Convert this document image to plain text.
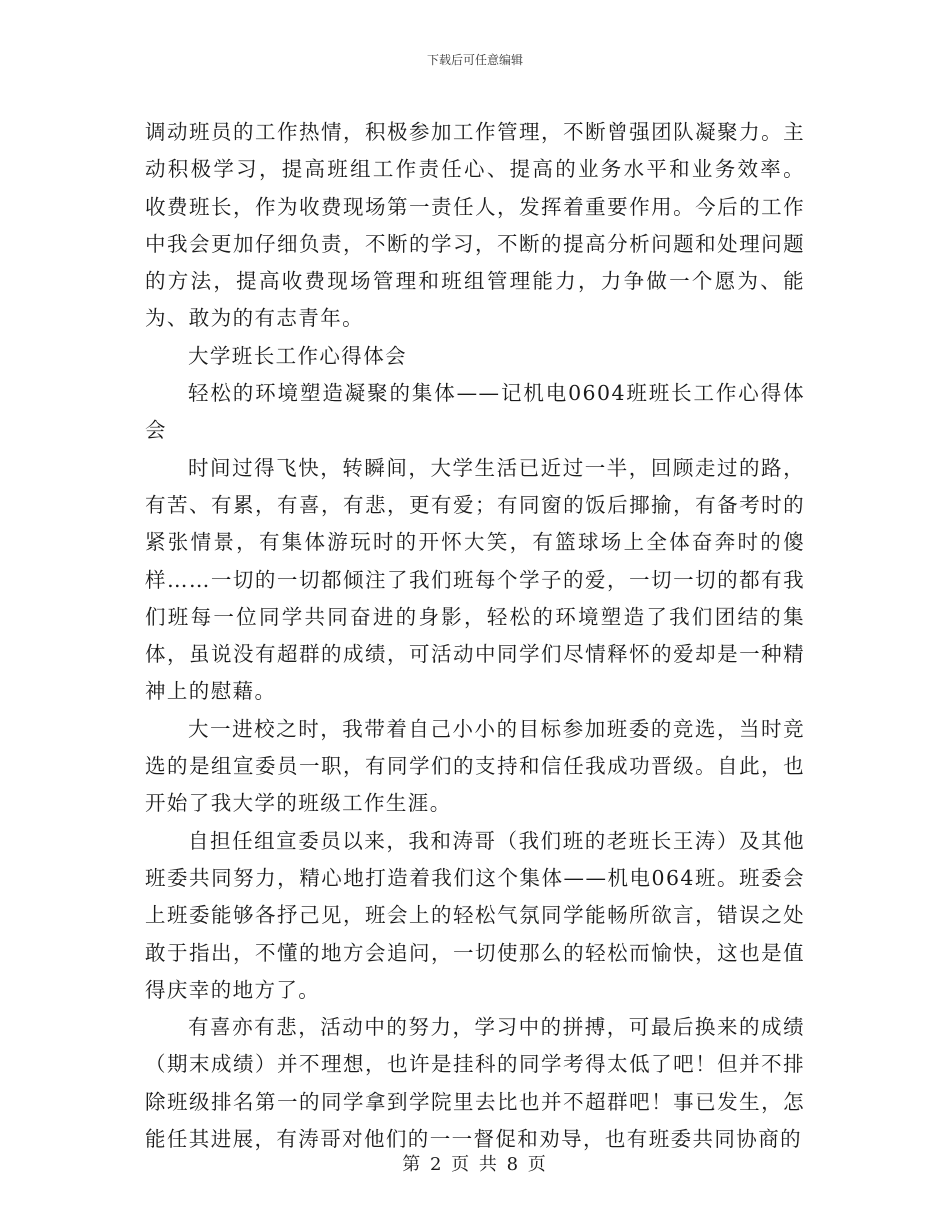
下载后可任意编辑

调动班员的工作热情，积极参加工作管理，不断曾强团队凝聚力。主动积极学习，提高班组工作责任心、提高的业务水平和业务效率。 收费班长，作为收费现场第一责任人，发挥着重要作用。今后的工作中我会更加仔细负责，不断的学习，不断的提高分析问题和处理问题的方法，提高收费现场管理和班组管理能力，力争做一个愿为、能为、敢为的有志青年。

大学班长工作心得体会

轻松的环境塑造凝聚的集体——记机电0604班班长工作心得体会

时间过得飞快，转瞬间，大学生活已近过一半，回顾走过的路，有苦、有累，有喜，有悲，更有爱；有同窗的饭后揶揄，有备考时的紧张情景，有集体游玩时的开怀大笑，有篮球场上全体奋奔时的傻样……一切的一切都倾注了我们班每个学子的爱，一切一切的都有我们班每一位同学共同奋进的身影，轻松的环境塑造了我们团结的集体，虽说没有超群的成绩，可活动中同学们尽情释怀的爱却是一种精神上的慰藉。

大一进校之时，我带着自己小小的目标参加班委的竞选，当时竞选的是组宣委员一职，有同学们的支持和信任我成功晋级。自此，也开始了我大学的班级工作生涯。

自担任组宣委员以来，我和涛哥（我们班的老班长王涛）及其他班委共同努力，精心地打造着我们这个集体——机电064班。班委会上班委能够各抒己见，班会上的轻松气氛同学能畅所欲言，错误之处敢于指出，不懂的地方会追问，一切使那么的轻松而愉快，这也是值得庆幸的地方了。

有喜亦有悲，活动中的努力，学习中的拼搏，可最后换来的成绩（期末成绩）并不理想，也许是挂科的同学考得太低了吧！但并不排除班级排名第一的同学拿到学院里去比也并不超群吧！事已发生，怎能任其进展，有涛哥对他们的一一督促和劝导，也有班委共同协商的

第 2 页 共 8 页
